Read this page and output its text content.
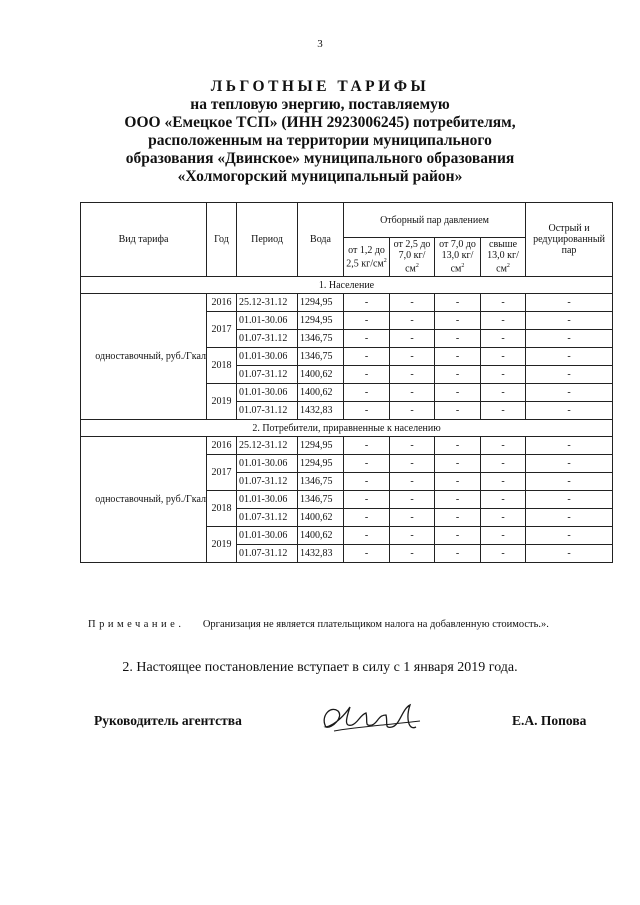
3
ЛЬГОТНЫЕ ТАРИФЫ
на тепловую энергию, поставляемую
ООО «Емецкое ТСП» (ИНН 2923006245) потребителям,
расположенным на территории муниципального
образования «Двинское» муниципального образования
«Холмогорский муниципальный район»
Вид тарифа	Год	Период	Вода	Отборный пар давлением				Острый и редуцированный пар
				от 1,2 до 2,5 $кг/см^2$	от 2,5 до 7,0 $кг/см^2$	от 7,0 до 13,0 $кг/см^2$	свыше 13,0 $кг/см^2$
1. Население								
одноставочный, руб./Гкал	2016	25.12-31.12	1294,95	-	-	-	-	-
	2017	01.01-30.06	1294,95	-	-	-	-	-
		01.07-31.12	1346,75	-	-	-	-	-
	2018	01.01-30.06	1346,75	-	-	-	-	-
		01.07-31.12	1400,62	-	-	-	-	-
	2019	01.01-30.06	1400,62	-	-	-	-	-
		01.07-31.12	1432,83	-	-	-	-	-
2. Потребители, приравненные к населению								
одноставочный, руб./Гкал	2016	25.12-31.12	1294,95	-	-	-	-	-
	2017	01.01-30.06	1294,95	-	-	-	-	-
		01.07-31.12	1346,75	-	-	-	-	-
	2018	01.01-30.06	1346,75	-	-	-	-	-
		01.07-31.12	1400,62	-	-	-	-	-
	2019	01.01-30.06	1400,62	-	-	-	-	-
		01.07-31.12	1432,83	-	-	-	-	-
Примечание. Организация не является плательщиком налога на добавленную стоимость.».
2. Настоящее постановление вступает в силу с 1 января 2019 года.
Руководитель агентства	Е.А. Попова
